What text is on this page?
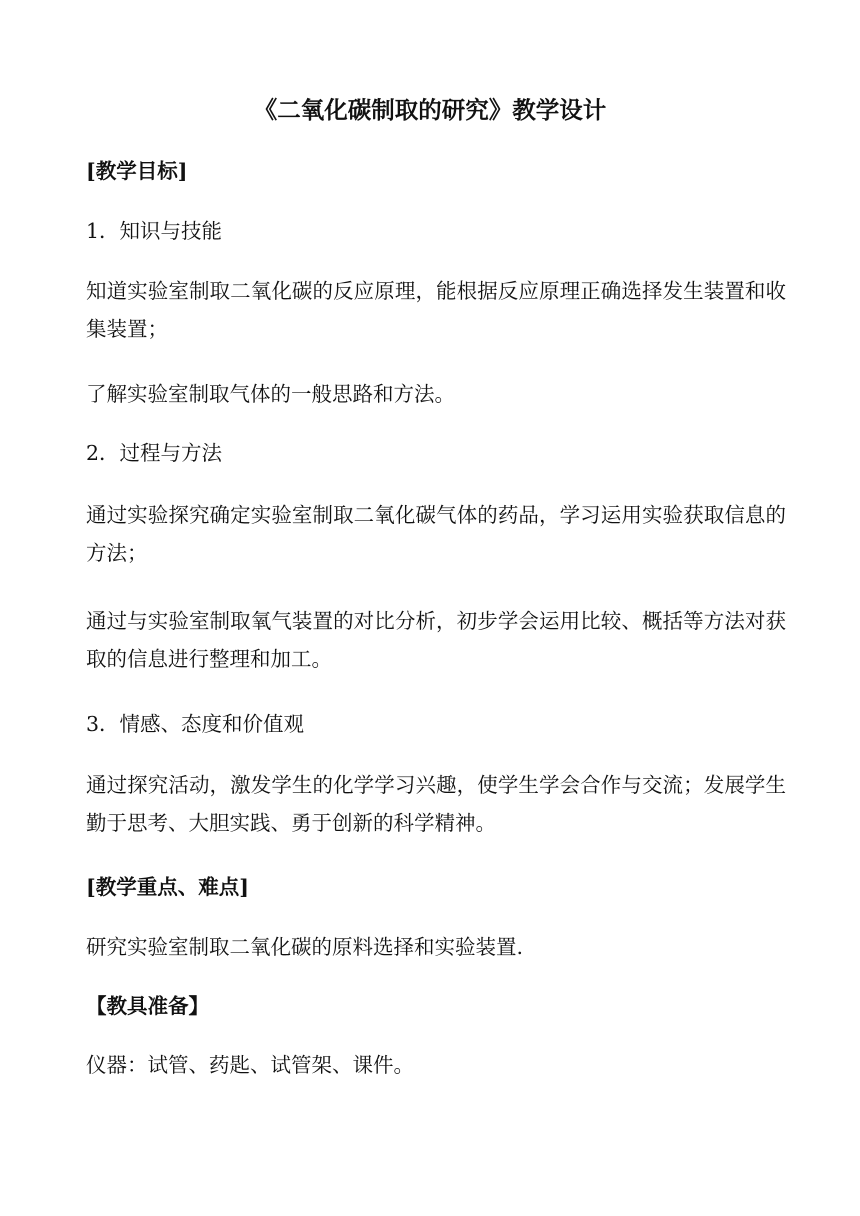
《二氧化碳制取的研究》教学设计
[教学目标]
1．知识与技能
知道实验室制取二氧化碳的反应原理，能根据反应原理正确选择发生装置和收集装置；
了解实验室制取气体的一般思路和方法。
2．过程与方法
通过实验探究确定实验室制取二氧化碳气体的药品，学习运用实验获取信息的方法；
通过与实验室制取氧气装置的对比分析，初步学会运用比较、概括等方法对获取的信息进行整理和加工。
3．情感、态度和价值观
通过探究活动，激发学生的化学学习兴趣，使学生学会合作与交流；发展学生勤于思考、大胆实践、勇于创新的科学精神。
[教学重点、难点]
研究实验室制取二氧化碳的原料选择和实验装置.
【教具准备】
仪器：试管、药匙、试管架、课件。
